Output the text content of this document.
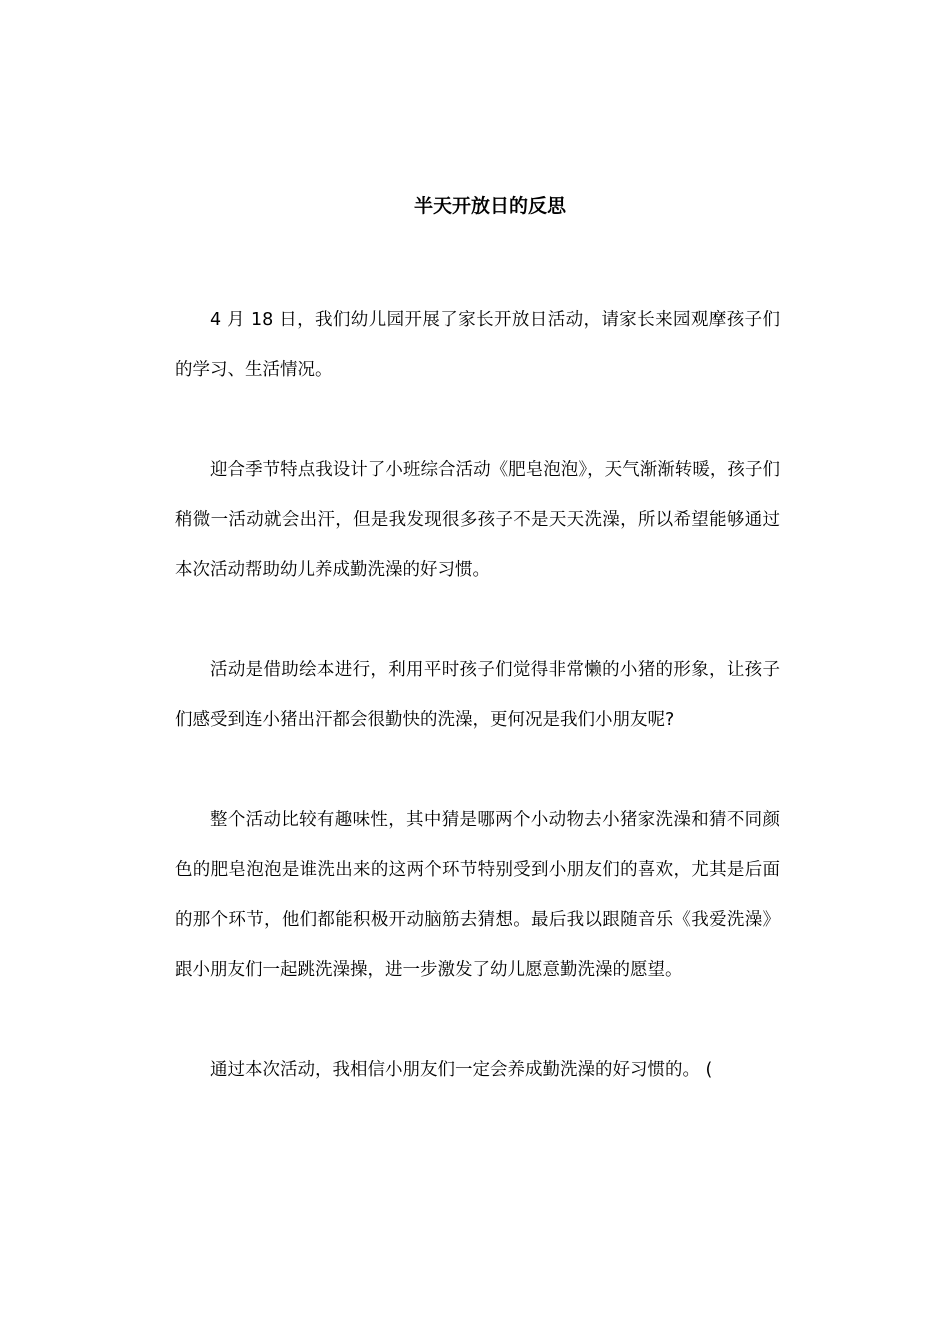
半天开放日的反思

4 月 18 日，我们幼儿园开展了家长开放日活动，请家长来园观摩孩子们的学习、生活情况。

迎合季节特点我设计了小班综合活动《肥皂泡泡》，天气渐渐转暖，孩子们稍微一活动就会出汗，但是我发现很多孩子不是天天洗澡，所以希望能够通过本次活动帮助幼儿养成勤洗澡的好习惯。

活动是借助绘本进行，利用平时孩子们觉得非常懒的小猪的形象，让孩子们感受到连小猪出汗都会很勤快的洗澡，更何况是我们小朋友呢?

整个活动比较有趣味性，其中猜是哪两个小动物去小猪家洗澡和猜不同颜色的肥皂泡泡是谁洗出来的这两个环节特别受到小朋友们的喜欢，尤其是后面的那个环节，他们都能积极开动脑筋去猜想。最后我以跟随音乐《我爱洗澡》跟小朋友们一起跳洗澡操，进一步激发了幼儿愿意勤洗澡的愿望。

通过本次活动，我相信小朋友们一定会养成勤洗澡的好习惯的。 (
